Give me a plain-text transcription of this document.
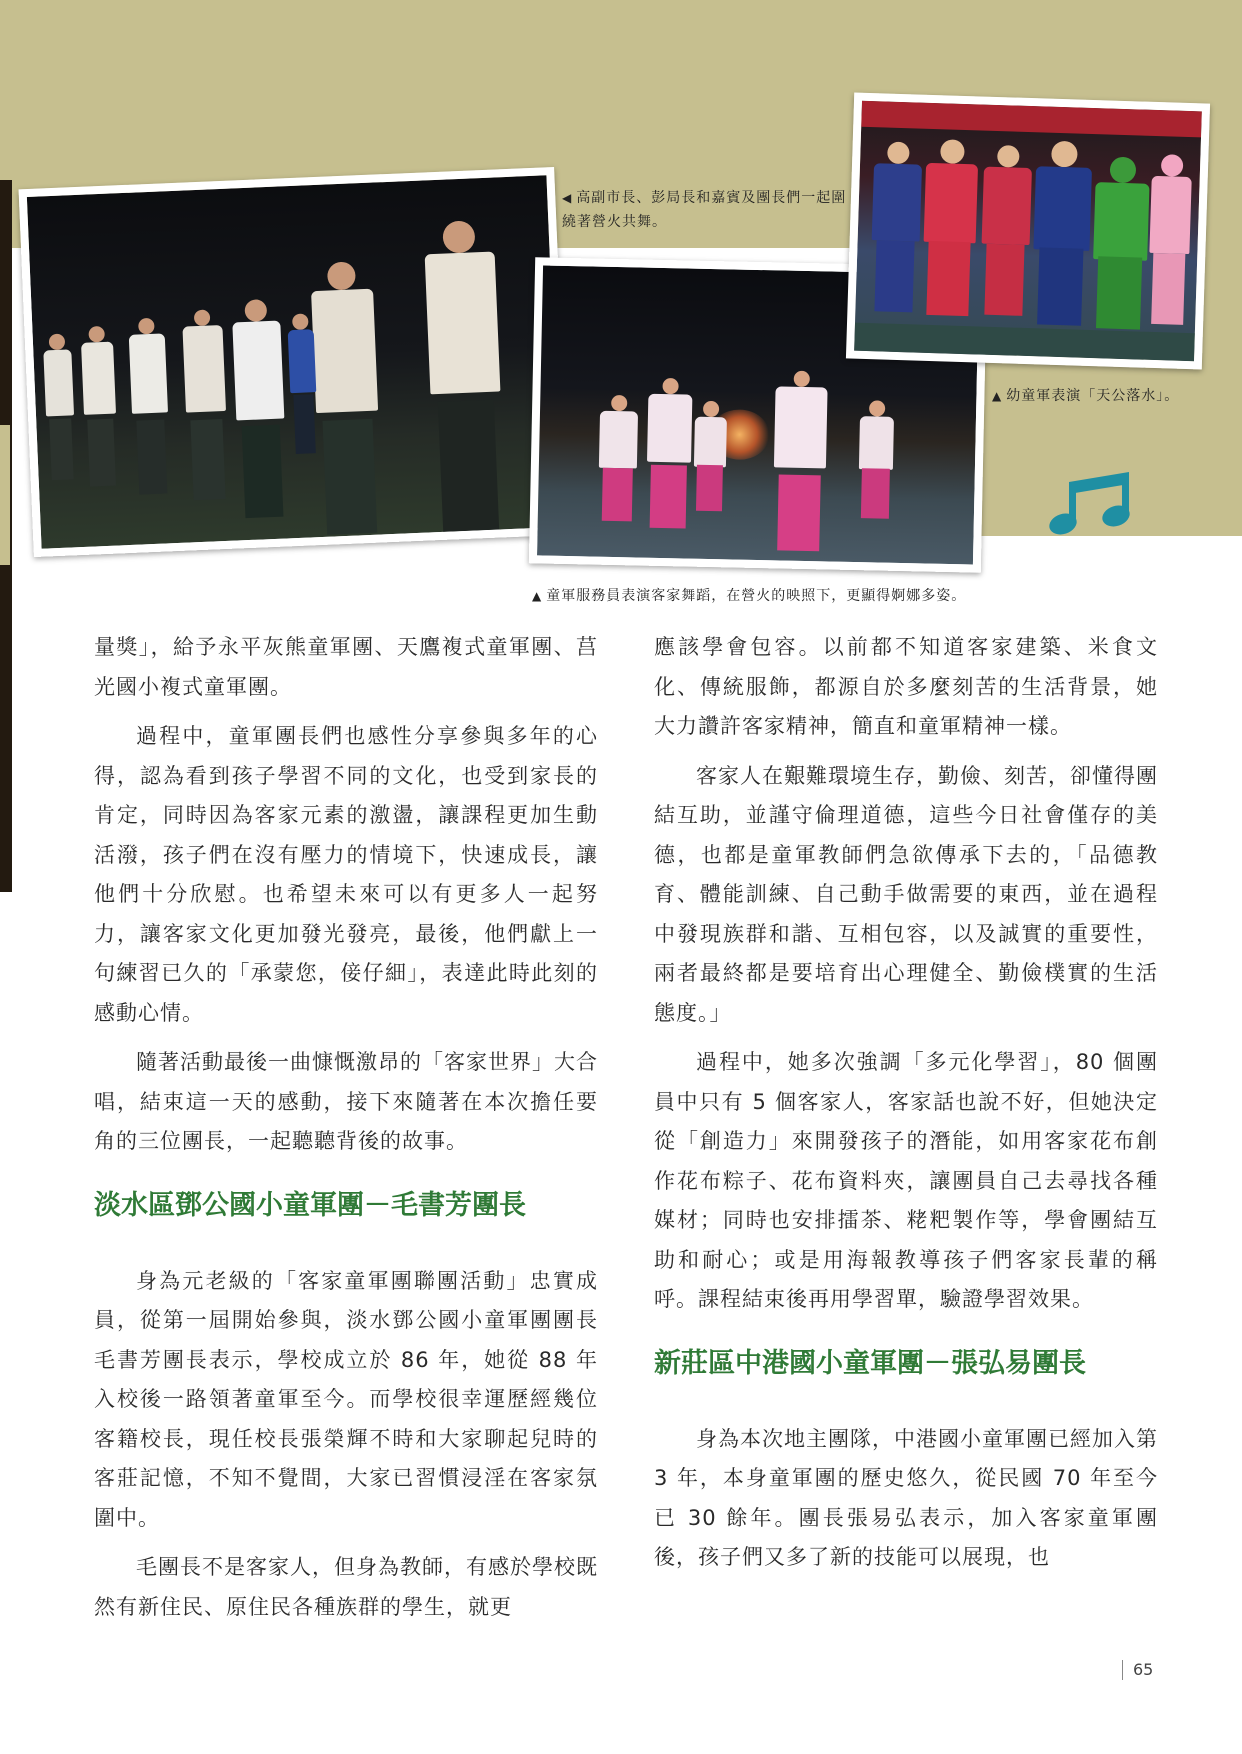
◀ 高副市長、彭局長和嘉賓及團長們一起圍繞著營火共舞。
▲ 幼童軍表演「天公落水」。
▲ 童軍服務員表演客家舞蹈，在營火的映照下，更顯得婀娜多姿。

量獎」，給予永平灰熊童軍團、天鷹複式童軍團、莒光國小複式童軍團。

過程中，童軍團長們也感性分享參與多年的心得，認為看到孩子學習不同的文化，也受到家長的肯定，同時因為客家元素的激盪，讓課程更加生動活潑，孩子們在沒有壓力的情境下，快速成長，讓他們十分欣慰。也希望未來可以有更多人一起努力，讓客家文化更加發光發亮，最後，他們獻上一句練習已久的「承蒙您，倿仔細」，表達此時此刻的感動心情。

隨著活動最後一曲慷慨激昂的「客家世界」大合唱，結束這一天的感動，接下來隨著在本次擔任要角的三位團長，一起聽聽背後的故事。

淡水區鄧公國小童軍團－毛書芳團長

身為元老級的「客家童軍團聯團活動」忠實成員，從第一屆開始參與，淡水鄧公國小童軍團團長毛書芳團長表示，學校成立於 86 年，她從 88 年入校後一路領著童軍至今。而學校很幸運歷經幾位客籍校長，現任校長張榮輝不時和大家聊起兒時的客莊記憶，不知不覺間，大家已習慣浸淫在客家氛圍中。

毛團長不是客家人，但身為教師，有感於學校既然有新住民、原住民各種族群的學生，就更

應該學會包容。以前都不知道客家建築、米食文化、傳統服飾，都源自於多麼刻苦的生活背景，她大力讚許客家精神，簡直和童軍精神一樣。

客家人在艱難環境生存，勤儉、刻苦，卻懂得團結互助，並謹守倫理道德，這些今日社會僅存的美德，也都是童軍教師們急欲傳承下去的，「品德教育、體能訓練、自己動手做需要的東西，並在過程中發現族群和諧、互相包容，以及誠實的重要性，兩者最終都是要培育出心理健全、勤儉樸實的生活態度。」

過程中，她多次強調「多元化學習」，80 個團員中只有 5 個客家人，客家話也說不好，但她決定從「創造力」來開發孩子的潛能，如用客家花布創作花布粽子、花布資料夾，讓團員自己去尋找各種媒材；同時也安排擂茶、粩粑製作等，學會團結互助和耐心；或是用海報教導孩子們客家長輩的稱呼。課程結束後再用學習單，驗證學習效果。

新莊區中港國小童軍團－張弘易團長

身為本次地主團隊，中港國小童軍團已經加入第 3 年，本身童軍團的歷史悠久，從民國 70 年至今已 30 餘年。團長張易弘表示，加入客家童軍團後，孩子們又多了新的技能可以展現，也

65
